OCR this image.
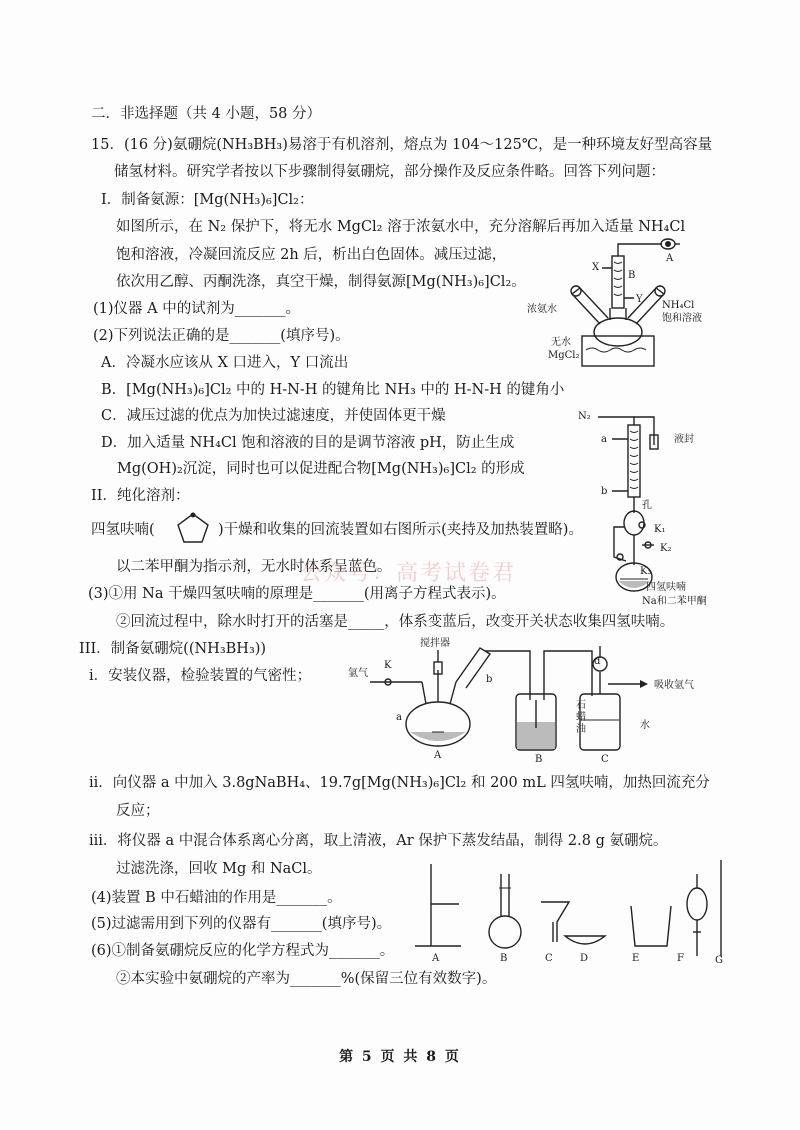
二．非选择题（共 4 小题，58 分）
15．(16 分)氨硼烷(NH₃BH₃)易溶于有机溶剂，熔点为 104～125℃，是一种环境友好型高容量
储氢材料。研究学者按以下步骤制得氨硼烷，部分操作及反应条件略。回答下列问题：
I．制备氨源：[Mg(NH₃)₆]Cl₂：
如图所示，在 N₂ 保护下，将无水 MgCl₂ 溶于浓氨水中，充分溶解后再加入适量 NH₄Cl
饱和溶液，冷凝回流反应 2h 后，析出白色固体。减压过滤，
依次用乙醇、丙酮洗涤，真空干燥，制得氨源[Mg(NH₃)₆]Cl₂。
(1)仪器 A 中的试剂为_______。
(2)下列说法正确的是_______(填序号)。
A．冷凝水应该从 X 口进入，Y 口流出
B．[Mg(NH₃)₆]Cl₂ 中的 H-N-H 的键角比 NH₃ 中的 H-N-H 的键角小
C．减压过滤的优点为加快过滤速度，并使固体更干燥
D．加入适量 NH₄Cl 饱和溶液的目的是调节溶液 pH，防止生成
Mg(OH)₂沉淀，同时也可以促进配合物[Mg(NH₃)₆]Cl₂ 的形成
II．纯化溶剂：
四氢呋喃(	)干燥和收集的回流装置如右图所示(夹持及加热装置略)。
以二苯甲酮为指示剂，无水时体系呈蓝色。
(3)①用 Na 干燥四氢呋喃的原理是_______(用离子方程式表示)。
②回流过程中，除水时打开的活塞是_____，体系变蓝后，改变开关状态收集四氢呋喃。
III．制备氨硼烷((NH₃BH₃))
i．安装仪器，检验装置的气密性；
ii．向仪器 a 中加入 3.8gNaBH₄、19.7g[Mg(NH₃)₆]Cl₂ 和 200 mL 四氢呋喃，加热回流充分
反应；
iii．将仪器 a 中混合体系离心分离，取上清液，Ar 保护下蒸发结晶，制得 2.8 g 氨硼烷。
过滤洗涤，回收 Mg 和 NaCl。
(4)装置 B 中石蜡油的作用是_______。
(5)过滤需用到下列的仪器有_______(填序号)。
(6)①制备氨硼烷反应的化学方程式为_______。
②本实验中氨硼烷的产率为_______%(保留三位有效数字)。
公众号：高考试卷君
A
X
B
Y
浓氨水	NH₄Cl
饱和溶液
无水
MgCl₂
N₂
a	液封
b
孔
K₁
K₂
K₃
四氢呋喃
Na和二苯甲酮
搅拌器
氩气
K
b
a
d
吸收氩气
石蜡油	水
A	B	C
A	B	C	D	E	F	G
第 5 页 共 8 页
